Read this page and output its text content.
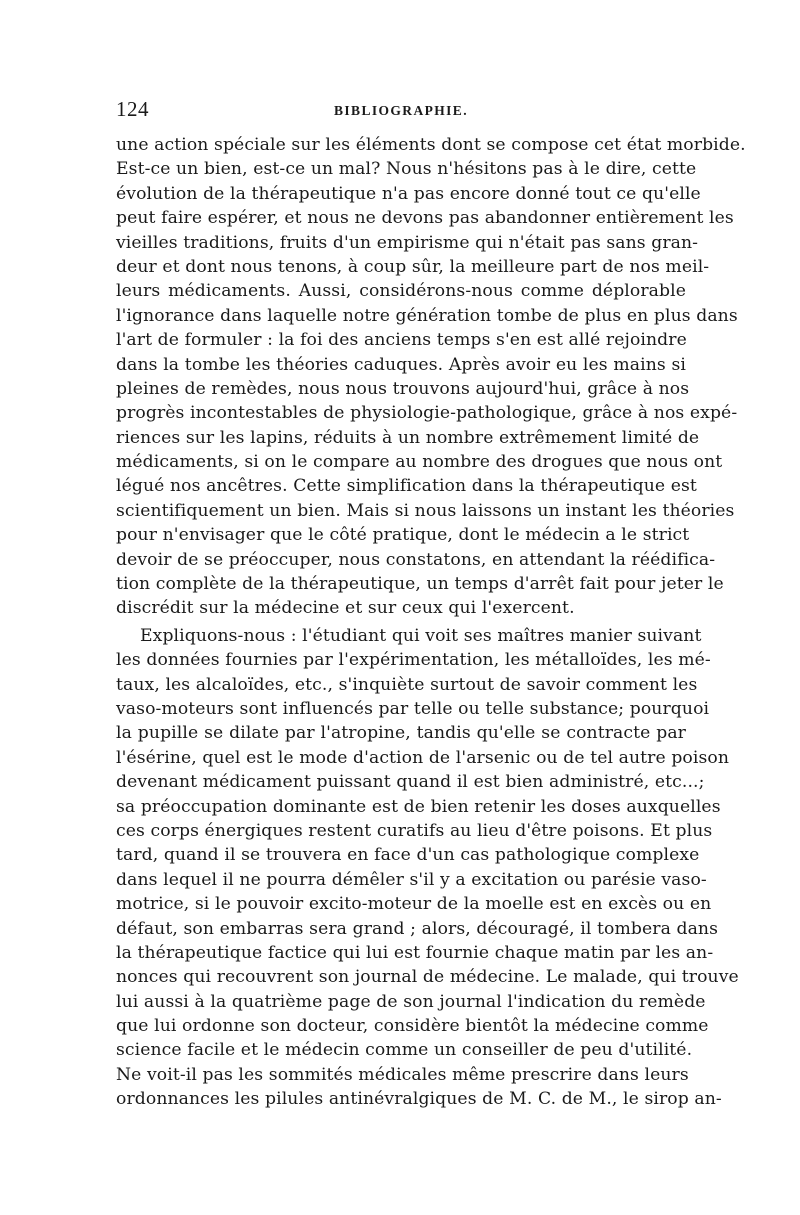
124	BIBLIOGRAPHIE.
une action spéciale sur les éléments dont se compose cet état morbide.
Est-ce un bien, est-ce un mal? Nous n'hésitons pas à le dire, cette
évolution de la thérapeutique n'a pas encore donné tout ce qu'elle
peut faire espérer, et nous ne devons pas abandonner entièrement les
vieilles traditions, fruits d'un empirisme qui n'était pas sans gran-
deur et dont nous tenons, à coup sûr, la meilleure part de nos meil-
leurs médicaments. Aussi, considérons-nous comme déplorable
l'ignorance dans laquelle notre génération tombe de plus en plus dans
l'art de formuler : la foi des anciens temps s'en est allé rejoindre
dans la tombe les théories caduques. Après avoir eu les mains si
pleines de remèdes, nous nous trouvons aujourd'hui, grâce à nos
progrès incontestables de physiologie-pathologique, grâce à nos expé-
riences sur les lapins, réduits à un nombre extrêmement limité de
médicaments, si on le compare au nombre des drogues que nous ont
légué nos ancêtres. Cette simplification dans la thérapeutique est
scientifiquement un bien. Mais si nous laissons un instant les théories
pour n'envisager que le côté pratique, dont le médecin a le strict
devoir de se préoccuper, nous constatons, en attendant la réédifica-
tion complète de la thérapeutique, un temps d'arrêt fait pour jeter le
discrédit sur la médecine et sur ceux qui l'exercent.
Expliquons-nous : l'étudiant qui voit ses maîtres manier suivant
les données fournies par l'expérimentation, les métalloïdes, les mé-
taux, les alcaloïdes, etc., s'inquiète surtout de savoir comment les
vaso-moteurs sont influencés par telle ou telle substance; pourquoi
la pupille se dilate par l'atropine, tandis qu'elle se contracte par
l'ésérine, quel est le mode d'action de l'arsenic ou de tel autre poison
devenant médicament puissant quand il est bien administré, etc...;
sa préoccupation dominante est de bien retenir les doses auxquelles
ces corps énergiques restent curatifs au lieu d'être poisons. Et plus
tard, quand il se trouvera en face d'un cas pathologique complexe
dans lequel il ne pourra démêler s'il y a excitation ou parésie vaso-
motrice, si le pouvoir excito-moteur de la moelle est en excès ou en
défaut, son embarras sera grand ; alors, découragé, il tombera dans
la thérapeutique factice qui lui est fournie chaque matin par les an-
nonces qui recouvrent son journal de médecine. Le malade, qui trouve
lui aussi à la quatrième page de son journal l'indication du remède
que lui ordonne son docteur, considère bientôt la médecine comme
science facile et le médecin comme un conseiller de peu d'utilité.
Ne voit-il pas les sommités médicales même prescrire dans leurs
ordonnances les pilules antinévralgiques de M. C. de M., le sirop an-
